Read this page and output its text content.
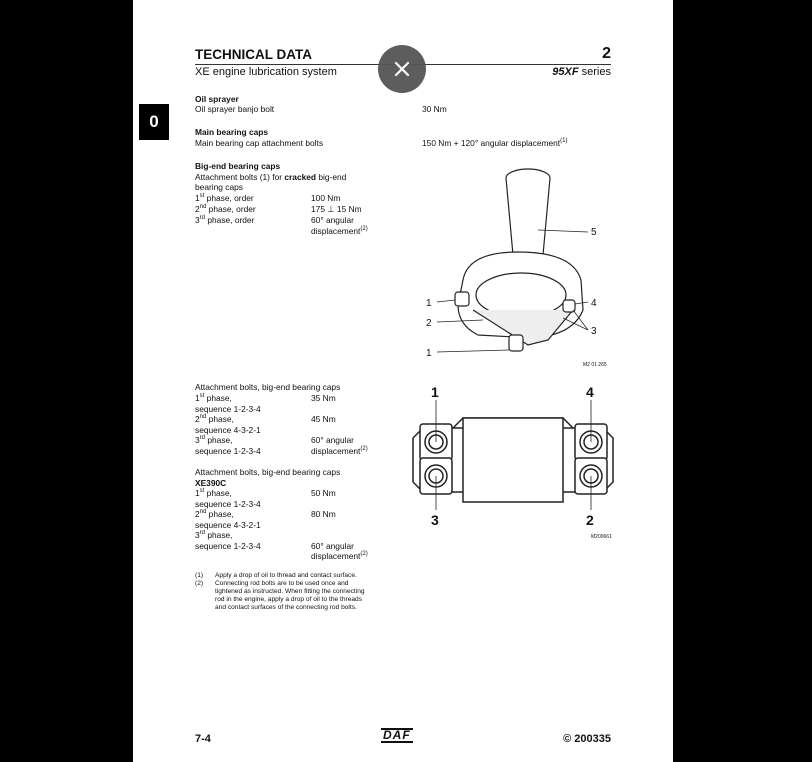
TECHNICAL DATA
XE engine lubrication system
2
95XF series
Oil sprayer
Oil sprayer banjo bolt	30 Nm
Main bearing caps
Main bearing cap attachment bolts	150 Nm + 120° angular displacement$^{(1)}$
Big-end bearing caps
Attachment bolts (1) for cracked big-end
bearing caps
1st phase, order	100 Nm
2nd phase, order	175 ⊥ 15 Nm
3rd phase, order	60° angular
displacement$^{(2)}$	5
1
2
1
4
3
M2 01 265
Attachment bolts, big-end bearing caps
1st phase,	35 Nm
sequence 1-2-3-4
2nd phase,	45 Nm
sequence 4-3-2-1
3rd phase,	60° angular
sequence 1-2-3-4	displacement$^{(2)}$
1	4
3	2
M200661
Attachment bolts, big-end bearing caps
XE390C
1st phase,	50 Nm
sequence 1-2-3-4
2nd phase,	80 Nm
sequence 4-3-2-1
3rd phase,
sequence 1-2-3-4	60° angular
displacement$^{(2)}$
(1) Apply a drop of oil to thread and contact surface.
(2) Connecting rod bolts are to be used once and
tightened as instructed. When fitting the connecting
rod in the engine, apply a drop of oil to the threads
and contact surfaces of the connecting rod bolts.
7-4	DAF	© 200335
0
